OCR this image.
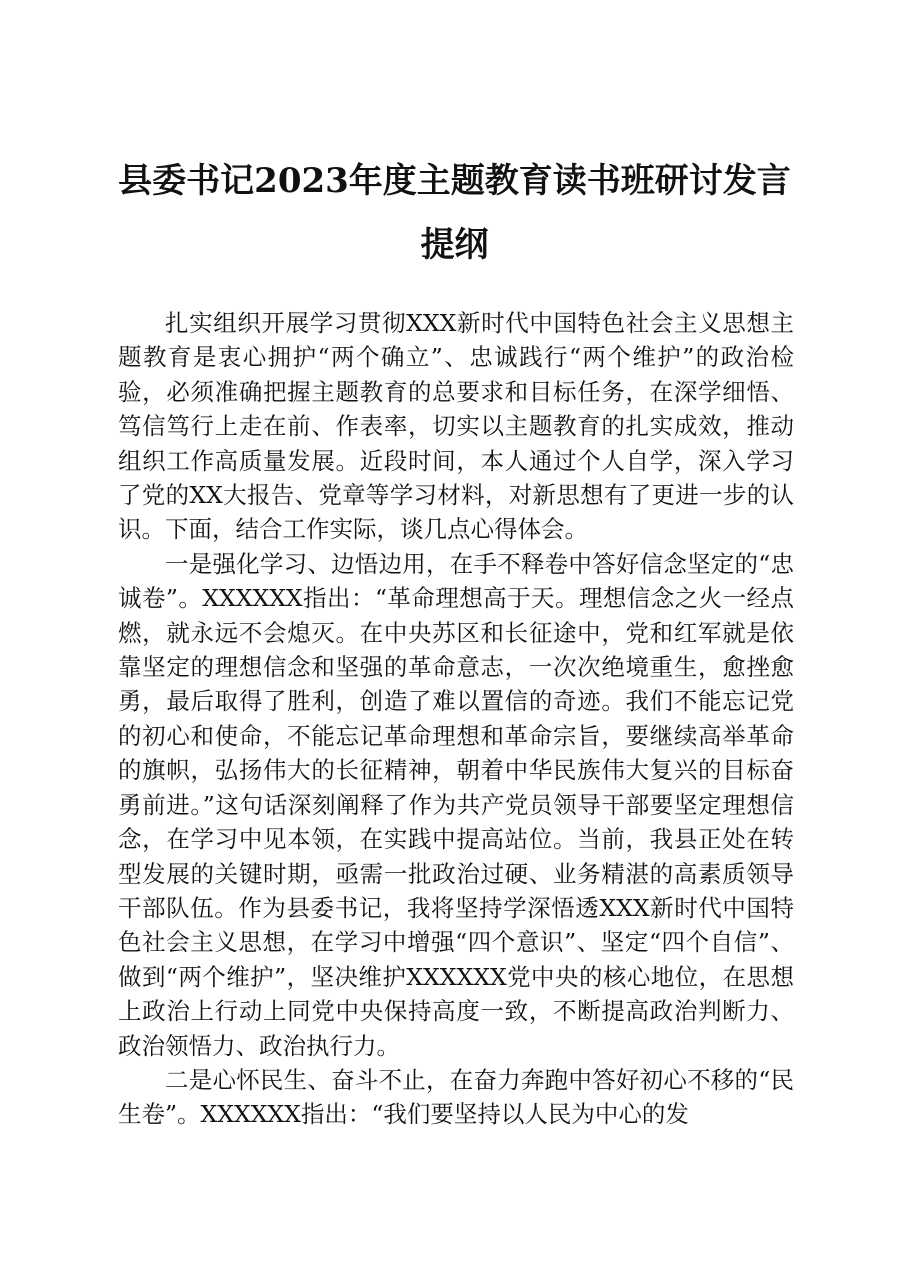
县委书记2023年度主题教育读书班研讨发言
提纲

扎实组织开展学习贯彻XXX新时代中国特色社会主义思想主题教育是衷心拥护“两个确立”、忠诚践行“两个维护”的政治检验，必须准确把握主题教育的总要求和目标任务，在深学细悟、笃信笃行上走在前、作表率，切实以主题教育的扎实成效，推动组织工作高质量发展。近段时间，本人通过个人自学，深入学习了党的XX大报告、党章等学习材料，对新思想有了更进一步的认识。下面，结合工作实际，谈几点心得体会。

一是强化学习、边悟边用，在手不释卷中答好信念坚定的“忠诚卷”。XXXXXX指出：“革命理想高于天。理想信念之火一经点燃，就永远不会熄灭。在中央苏区和长征途中，党和红军就是依靠坚定的理想信念和坚强的革命意志，一次次绝境重生，愈挫愈勇，最后取得了胜利，创造了难以置信的奇迹。我们不能忘记党的初心和使命，不能忘记革命理想和革命宗旨，要继续高举革命的旗帜，弘扬伟大的长征精神，朝着中华民族伟大复兴的目标奋勇前进。”这句话深刻阐释了作为共产党员领导干部要坚定理想信念，在学习中见本领，在实践中提高站位。当前，我县正处在转型发展的关键时期，亟需一批政治过硬、业务精湛的高素质领导干部队伍。作为县委书记，我将坚持学深悟透XXX新时代中国特色社会主义思想，在学习中增强“四个意识”、坚定“四个自信”、做到“两个维护”，坚决维护XXXXXX党中央的核心地位，在思想上政治上行动上同党中央保持高度一致，不断提高政治判断力、政治领悟力、政治执行力。

二是心怀民生、奋斗不止，在奋力奔跑中答好初心不移的“民生卷”。XXXXXX指出：“我们要坚持以人民为中心的发
